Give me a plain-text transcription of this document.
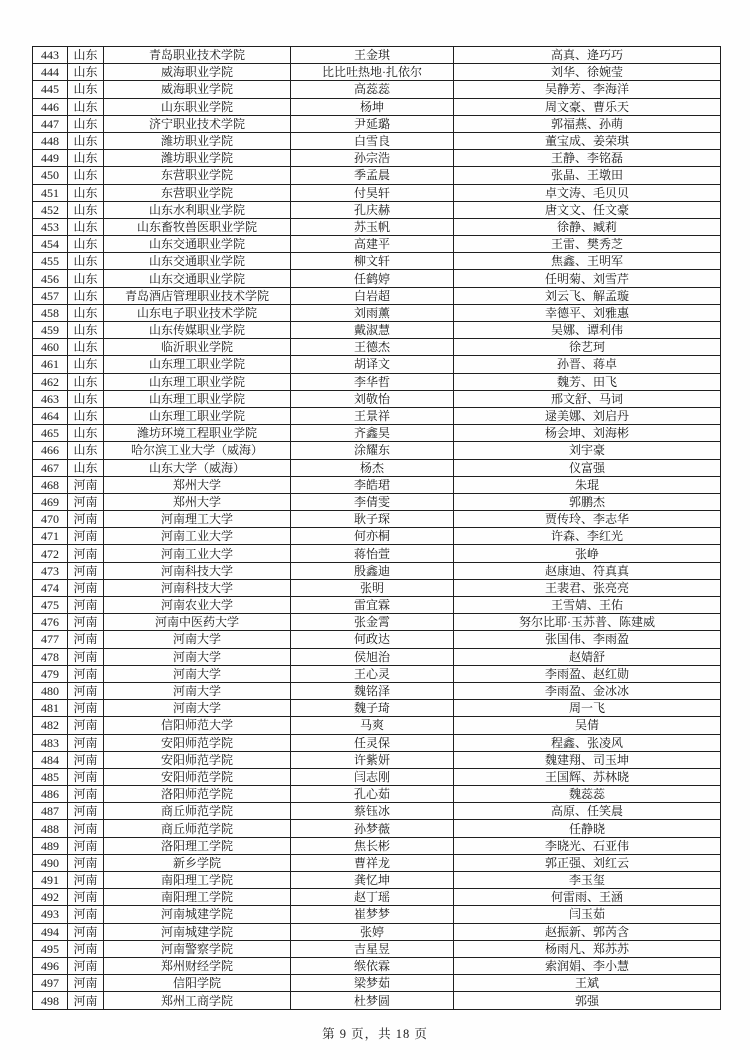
443	山东	青岛职业技术学院	王金琪	高真、逄巧巧
444	山东	威海职业学院	比比吐热地·扎依尔	刘华、徐婉莹
445	山东	威海职业学院	高蕊蕊	吴静芳、李海洋
446	山东	山东职业学院	杨坤	周文豪、曹乐天
447	山东	济宁职业技术学院	尹延璐	郭福燕、孙萌
448	山东	潍坊职业学院	白雪良	董宝成、姜荣琪
449	山东	潍坊职业学院	孙宗浩	王静、李铭磊
450	山东	东营职业学院	季孟晨	张晶、王墩田
451	山东	东营职业学院	付昊轩	卓文涛、毛贝贝
452	山东	山东水利职业学院	孔庆赫	唐文文、任文豪
453	山东	山东畜牧兽医职业学院	苏玉帆	徐静、臧莉
454	山东	山东交通职业学院	高建平	王雷、樊秀芝
455	山东	山东交通职业学院	柳文轩	焦鑫、王明军
456	山东	山东交通职业学院	任鹤婷	任明菊、刘雪芹
457	山东	青岛酒店管理职业技术学院	白岩超	刘云飞、解孟璇
458	山东	山东电子职业技术学院	刘雨薰	幸德平、刘雅惠
459	山东	山东传媒职业学院	戴淑慧	吴娜、谭利伟
460	山东	临沂职业学院	王德杰	徐艺珂
461	山东	山东理工职业学院	胡译文	孙晋、蒋卓
462	山东	山东理工职业学院	李华哲	魏芳、田飞
463	山东	山东理工职业学院	刘敬怡	邢文舒、马词
464	山东	山东理工职业学院	王景祥	逯美娜、刘启丹
465	山东	潍坊环境工程职业学院	齐鑫昊	杨会坤、刘海彬
466	山东	哈尔滨工业大学（威海）	涂耀东	刘宇豪
467	山东	山东大学（威海）	杨杰	仪富强
468	河南	郑州大学	李皓珺	朱琨
469	河南	郑州大学	李倩雯	郭鹏杰
470	河南	河南理工大学	耿子琛	贾传玲、李志华
471	河南	河南工业大学	何亦桐	许森、李红光
472	河南	河南工业大学	蒋怡萱	张峥
473	河南	河南科技大学	殷鑫迪	赵康迪、符真真
474	河南	河南科技大学	张明	王裴君、张亮亮
475	河南	河南农业大学	雷宜霖	王雪婧、王佑
476	河南	河南中医药大学	张金霄	努尔比耶·玉苏普、陈建威
477	河南	河南大学	何政达	张国伟、李雨盈
478	河南	河南大学	侯旭治	赵婧舒
479	河南	河南大学	王心灵	李雨盈、赵红勋
480	河南	河南大学	魏铭泽	李雨盈、金冰冰
481	河南	河南大学	魏子琦	周一飞
482	河南	信阳师范大学	马爽	吴倩
483	河南	安阳师范学院	任灵保	程鑫、张凌风
484	河南	安阳师范学院	许紫妍	魏建翔、司玉坤
485	河南	安阳师范学院	闫志刚	王国辉、苏林晓
486	河南	洛阳师范学院	孔心茹	魏蕊蕊
487	河南	商丘师范学院	蔡钰冰	高原、任笑晨
488	河南	商丘师范学院	孙梦薇	任静晓
489	河南	洛阳理工学院	焦长彬	李晓光、石亚伟
490	河南	新乡学院	曹祥龙	郭正强、刘红云
491	河南	南阳理工学院	龚忆坤	李玉玺
492	河南	南阳理工学院	赵丁瑶	何雷雨、王涵
493	河南	河南城建学院	崔梦梦	闫玉茹
494	河南	河南城建学院	张婷	赵振新、郭芮含
495	河南	河南警察学院	吉星昱	杨雨凡、郑苏苏
496	河南	郑州财经学院	缑依霖	索润娟、李小慧
497	河南	信阳学院	梁梦茹	王斌
498	河南	郑州工商学院	杜梦圆	郭强
第 9 页，共 18 页
